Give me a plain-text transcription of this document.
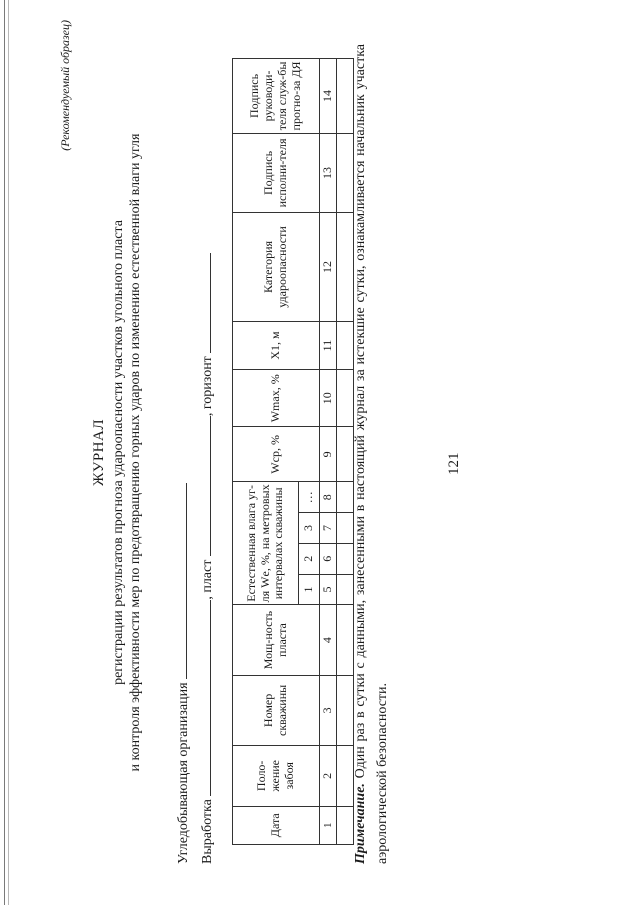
121
(Рекомендуемый образец)
ЖУРНАЛ регистрации результатов прогноза удароопасности участков угольного пласта и контроля эффективности мер по предотвращению горных ударов по изменению естественной влаги угля
Угледобывающая организация Выработка , пласт , горизонт
Дата	Поло-жение забоя	Номер скважины	Мощ-ность пласта	Естественная влага уг-ля Wе, %, на метровых интервалах скважины				Wср, %	Wmax, %	X1, м	Категория удароопасности	Подпись исполни-теля	Подпись руководи-теля служ-бы прогно-за ДЯ
				1	2	3	…						
1	2	3	4	5	6	7	8	9	10	11	12	13	14

Примечание. Один раз в сутки с данными, занесенными в настоящий журнал за истекшие сутки, ознакамливается начальник участка аэрологической безопасности.
